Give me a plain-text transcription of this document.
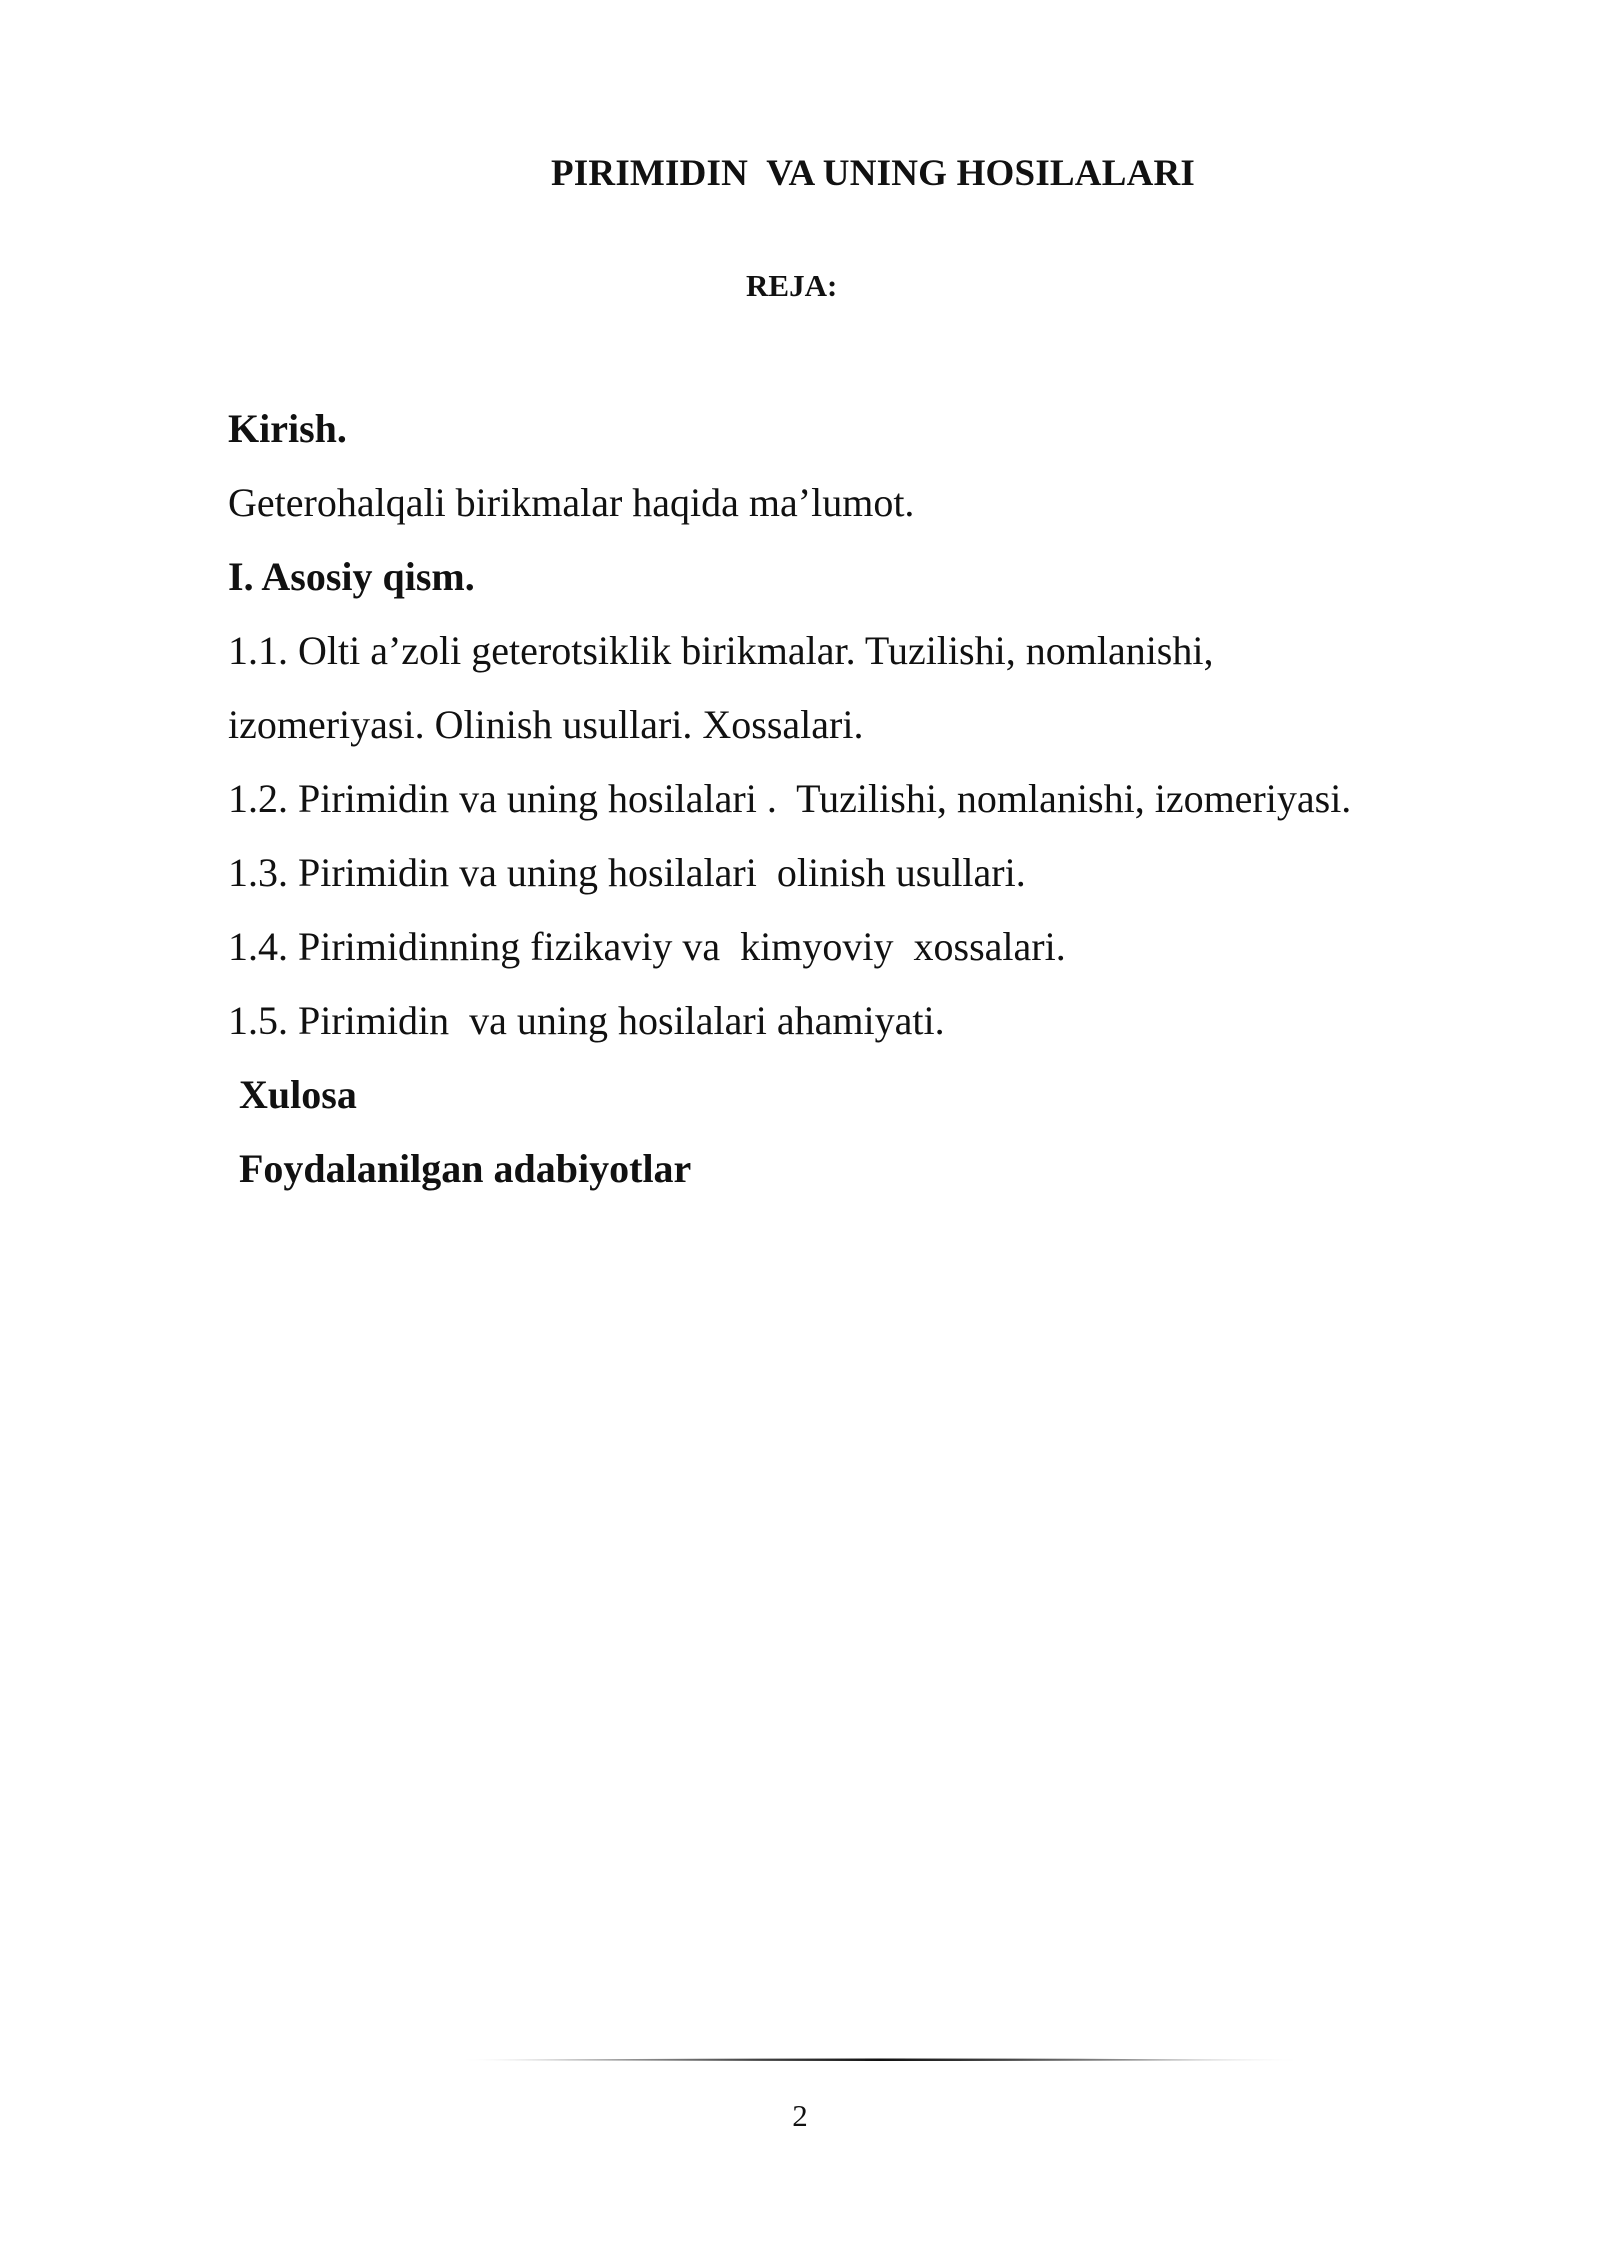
PIRIMIDIN  VA UNING HOSILALARI
REJA:
Kirish.
Geterohalqali birikmalar haqida ma’lumot.
I. Asosiy qism.
1.1. Olti a’zoli geterotsiklik birikmalar. Tuzilishi, nomlanishi,
izomeriyasi. Olinish usullari. Xossalari.
1.2. Pirimidin va uning hosilalari .  Tuzilishi, nomlanishi, izomeriyasi.
1.3. Pirimidin va uning hosilalari  olinish usullari.
1.4. Pirimidinning fizikaviy va  kimyoviy  xossalari.
1.5. Pirimidin  va uning hosilalari ahamiyati.
Xulosa
Foydalanilgan adabiyotlar
2
